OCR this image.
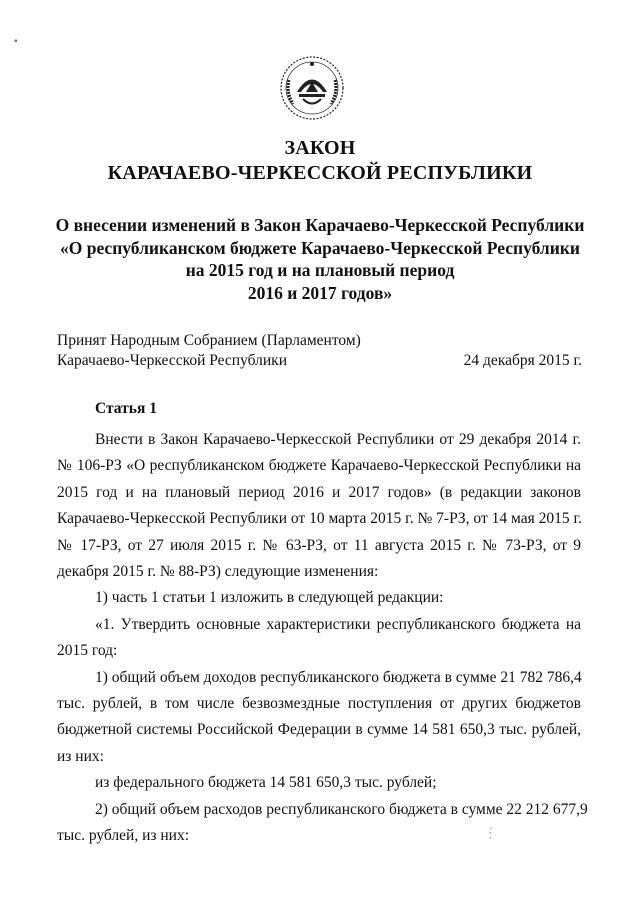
ЗАКОН
КАРАЧАЕВО-ЧЕРКЕССКОЙ РЕСПУБЛИКИ
О внесении изменений в Закон Карачаево-Черкесской Республики
«О республиканском бюджете Карачаево-Черкесской Республики
на 2015 год и на плановый период
2016 и 2017 годов»
Принят Народным Собранием (Парламентом)
Карачаево-Черкесской Республики	24 декабря 2015 г.
Статья 1
Внести в Закон Карачаево-Черкесской Республики от 29 декабря 2014 г.
№ 106-РЗ «О республиканском бюджете Карачаево-Черкесской Республики на
2015 год и на плановый период 2016 и 2017 годов» (в редакции законов
Карачаево-Черкесской Республики от 10 марта 2015 г. № 7-РЗ, от 14 мая 2015 г.
№ 17-РЗ, от 27 июля 2015 г. № 63-РЗ, от 11 августа 2015 г. № 73-РЗ, от 9
декабря 2015 г. № 88-РЗ) следующие изменения:
1) часть 1 статьи 1 изложить в следующей редакции:
«1. Утвердить основные характеристики республиканского бюджета на
2015 год:
1) общий объем доходов республиканского бюджета в сумме 21 782 786,4
тыс. рублей, в том числе безвозмездные поступления от других бюджетов
бюджетной системы Российской Федерации в сумме 14 581 650,3 тыс. рублей,
из них:
из федерального бюджета 14 581 650,3 тыс. рублей;
2) общий объем расходов республиканского бюджета в сумме 22 212 677,9
тыс. рублей, из них:
▪
⋰
